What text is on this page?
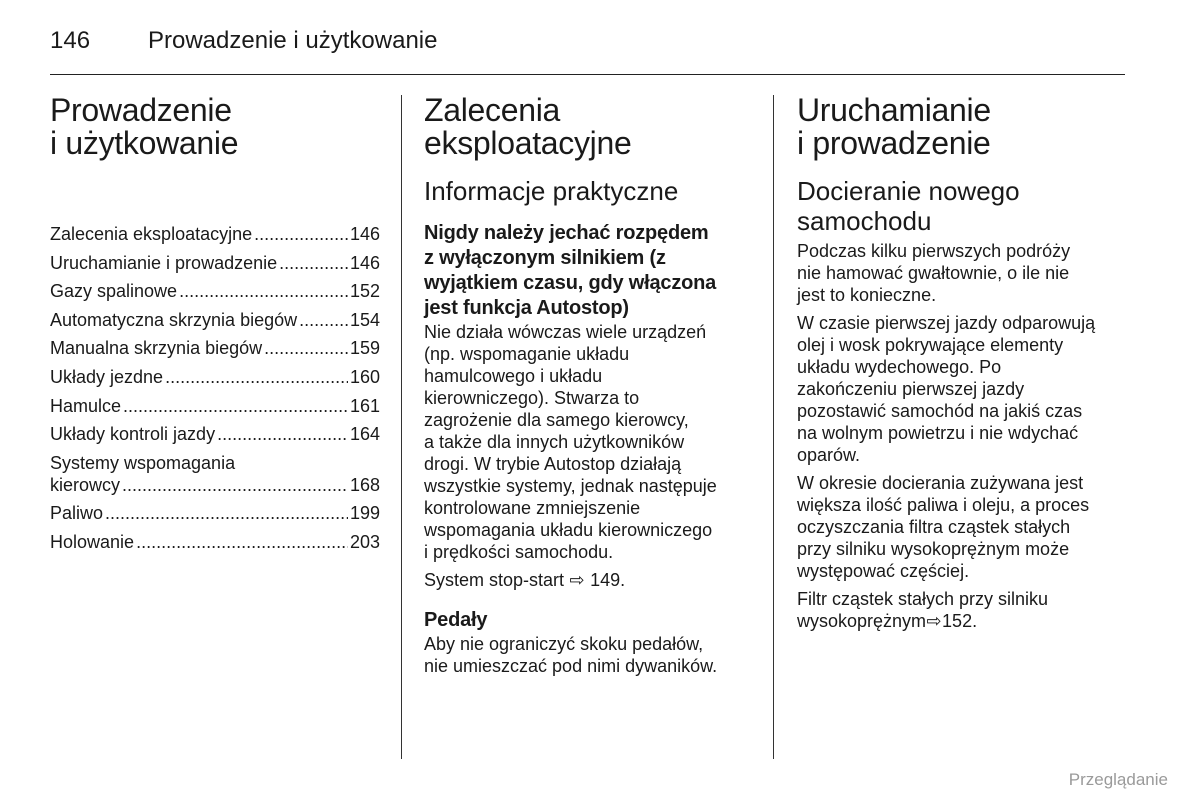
146 Prowadzenie i użytkowanie
Prowadzenie
i użytkowanie
Zalecenia eksploatacyjne .....	146
Uruchamianie i prowadzenie .....	146
Gazy spalinowe .....	152
Automatyczna skrzynia biegów .....	154
Manualna skrzynia biegów .....	159
Układy jezdne .....	160
Hamulce .....	161
Układy kontroli jazdy .....	164
Systemy wspomagania
kierowcy .....	168
Paliwo .....	199
Holowanie .....	203
Zalecenia
eksploatacyjne
Informacje praktyczne
Nigdy należy jechać rozpędem
z wyłączonym silnikiem (z
wyjątkiem czasu, gdy włączona
jest funkcja Autostop)

Nie działa wówczas wiele urządzeń
(np. wspomaganie układu
hamulcowego i układu
kierowniczego). Stwarza to
zagrożenie dla samego kierowcy,
a także dla innych użytkowników
drogi. W trybie Autostop działają
wszystkie systemy, jednak następuje
kontrolowane zmniejszenie
wspomagania układu kierowniczego
i prędkości samochodu.

System stop-start ⇨ 149.

Pedały

Aby nie ograniczyć skoku pedałów,
nie umieszczać pod nimi dywaników.

Uruchamianie
i prowadzenie
Docieranie nowego
samochodu

Podczas kilku pierwszych podróży
nie hamować gwałtownie, o ile nie
jest to konieczne.

W czasie pierwszej jazdy odparowują
olej i wosk pokrywające elementy
układu wydechowego. Po
zakończeniu pierwszej jazdy
pozostawić samochód na jakiś czas
na wolnym powietrzu i nie wdychać
oparów.

W okresie docierania zużywana jest
większa ilość paliwa i oleju, a proces
oczyszczania filtra cząstek stałych
przy silniku wysokoprężnym może
występować częściej.

Filtr cząstek stałych przy silniku
wysokoprężnym⇨152.

Przeglądanie
